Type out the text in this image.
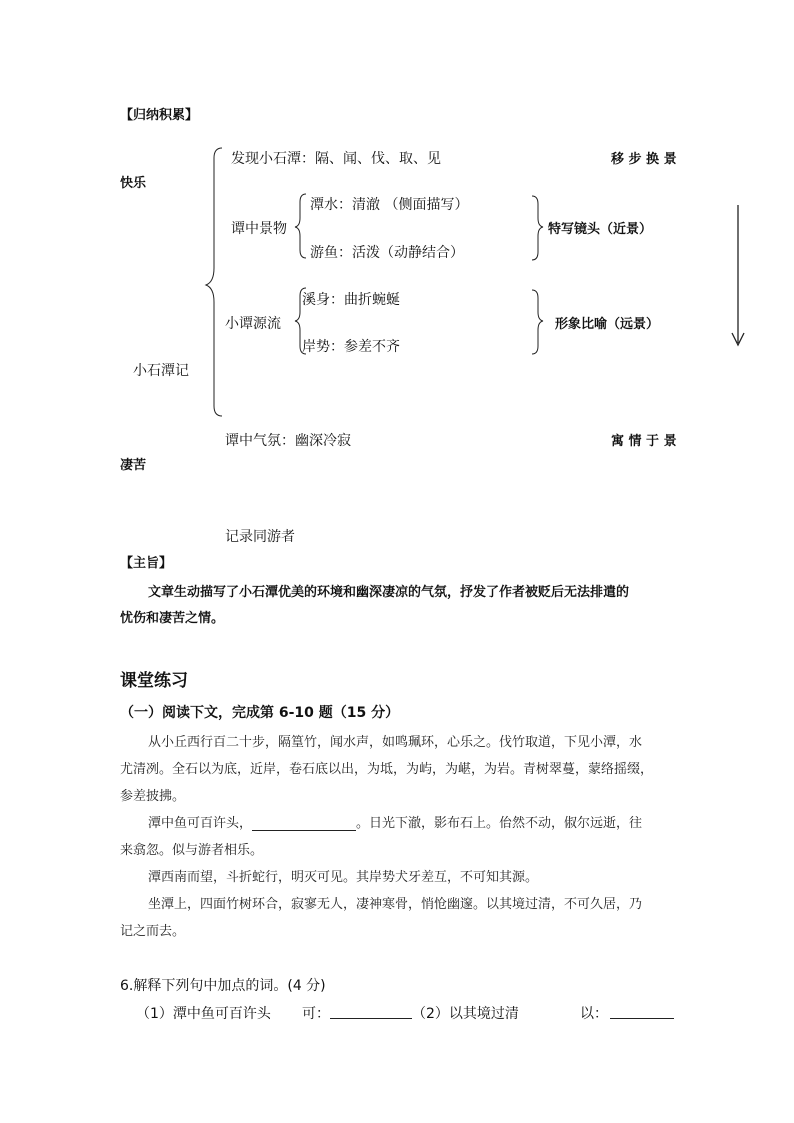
【归纳积累】
快乐
小石潭记
凄苦
发现小石潭：隔、闻、伐、取、见	移 步 换 景
谭中景物
潭水：清澈 （侧面描写）
游鱼：活泼（动静结合）
特写镜头（近景）
小谭源流
溪身：曲折蜿蜒
岸势：参差不齐
形象比喻（远景）
谭中气氛：幽深冷寂	寓 情 于 景
记录同游者
【主旨】
文章生动描写了小石潭优美的环境和幽深凄凉的气氛，抒发了作者被贬后无法排遣的
忧伤和凄苦之情。
课堂练习
（一）阅读下文，完成第 6-10 题（15 分）
从小丘西行百二十步，隔篁竹，闻水声，如鸣珮环，心乐之。伐竹取道，下见小潭，水
尤清冽。全石以为底，近岸，卷石底以出，为坻，为屿，为嵁，为岩。青树翠蔓，蒙络摇缀，
参差披拂。
潭中鱼可百许头，	。日光下澈，影布石上。佁然不动，俶尔远逝，往
来翕忽。似与游者相乐。
潭西南而望，斗折蛇行，明灭可见。其岸势犬牙差互，不可知其源。
坐潭上，四面竹树环合，寂寥无人，凄神寒骨，悄怆幽邃。以其境过清，不可久居，乃
记之而去。
6.解释下列句中加点的词。(4 分)
（1）潭中鱼可百许头 可：	（2）以其境过清	以：
